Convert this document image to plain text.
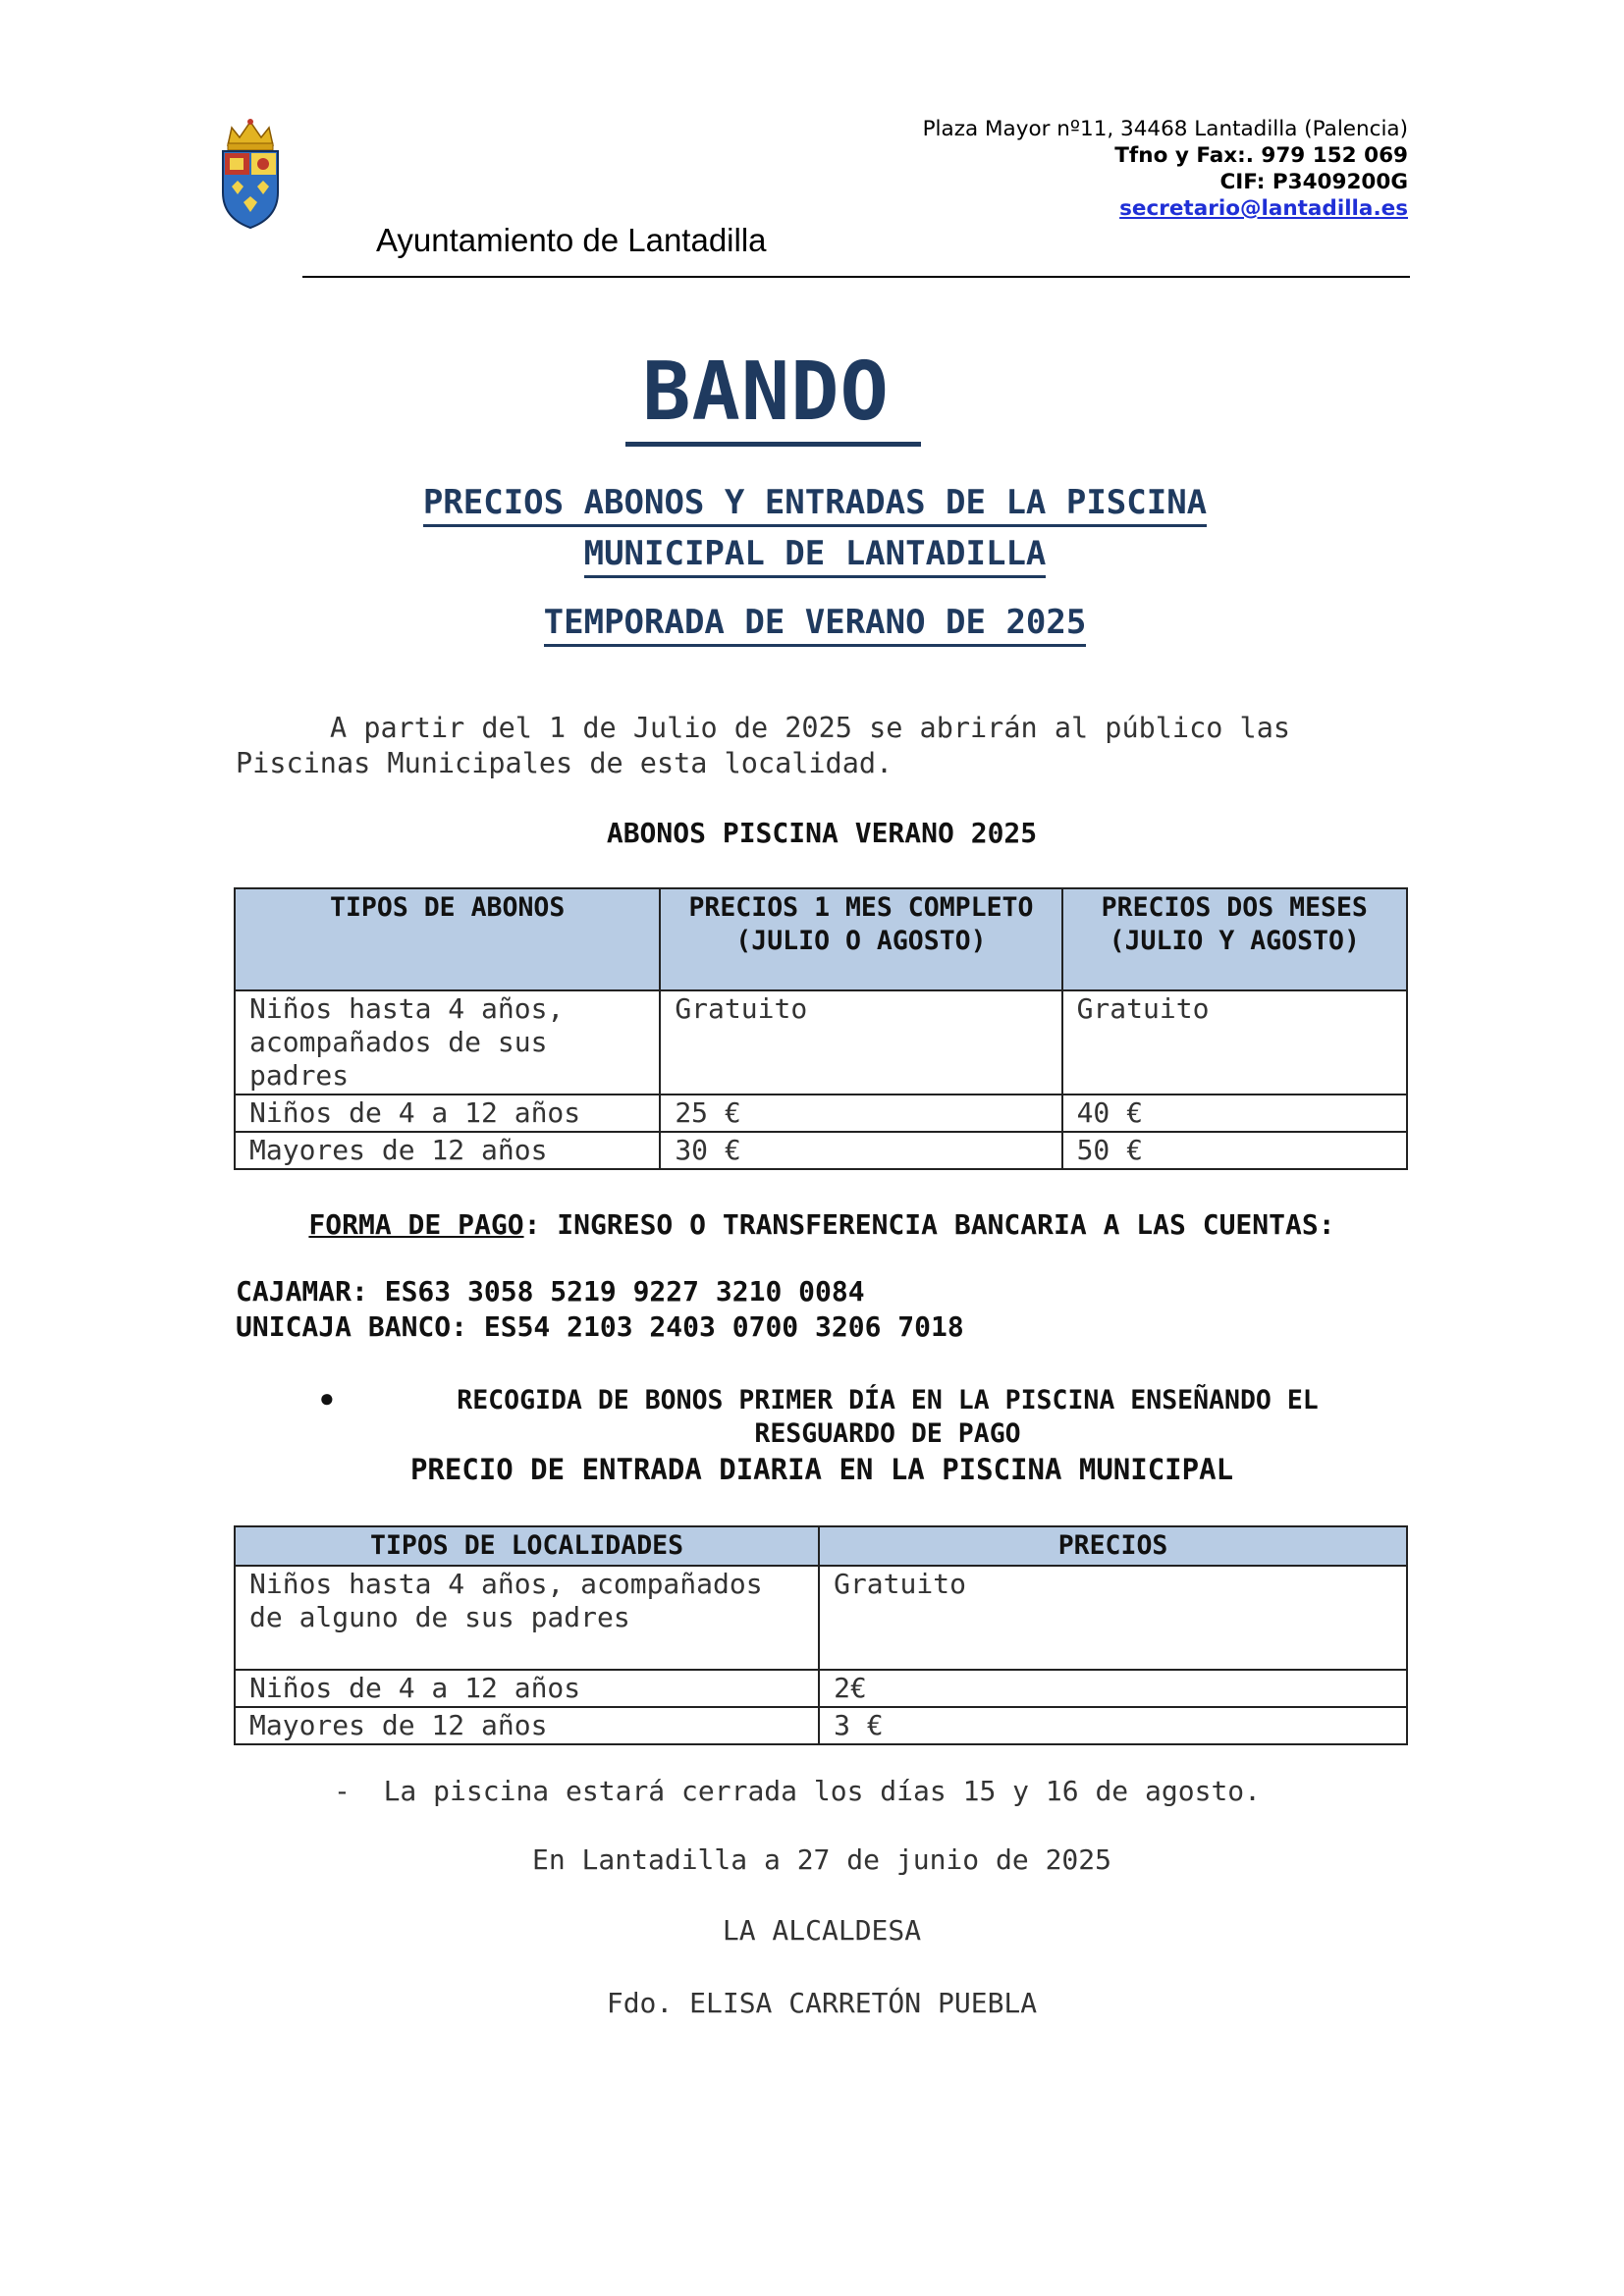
Plaza Mayor nº11, 34468 Lantadilla (Palencia)
Tfno y Fax:. 979 152 069
CIF: P3409200G
secretario@lantadilla.es
Ayuntamiento de Lantadilla
BANDO
PRECIOS ABONOS Y ENTRADAS DE LA PISCINA
MUNICIPAL DE LANTADILLA
TEMPORADA DE VERANO DE 2025
A partir del 1 de Julio de 2025 se abrirán al público las
Piscinas Municipales de esta localidad.
ABONOS PISCINA VERANO 2025
TIPOS DE ABONOS	PRECIOS 1 MES COMPLETO (JULIO O AGOSTO)	PRECIOS DOS MESES (JULIO Y AGOSTO)
Niños hasta 4 años, acompañados de sus padres	Gratuito	Gratuito
Niños de 4 a 12 años	25 €	40 €
Mayores de 12 años	30 €	50 €
FORMA DE PAGO: INGRESO O TRANSFERENCIA BANCARIA A LAS CUENTAS:
CAJAMAR: ES63 3058 5219 9227 3210 0084
UNICAJA BANCO: ES54 2103 2403 0700 3206 7018
●	RECOGIDA DE BONOS PRIMER DÍA EN LA PISCINA ENSEÑANDO EL
RESGUARDO DE PAGO
PRECIO DE ENTRADA DIARIA EN LA PISCINA MUNICIPAL
TIPOS DE LOCALIDADES	PRECIOS
Niños hasta 4 años, acompañados de alguno de sus padres	Gratuito
Niños de 4 a 12 años	2€
Mayores de 12 años	3 €
-  La piscina estará cerrada los días 15 y 16 de agosto.
En Lantadilla a 27 de junio de 2025
LA ALCALDESA
Fdo. ELISA CARRETÓN PUEBLA
